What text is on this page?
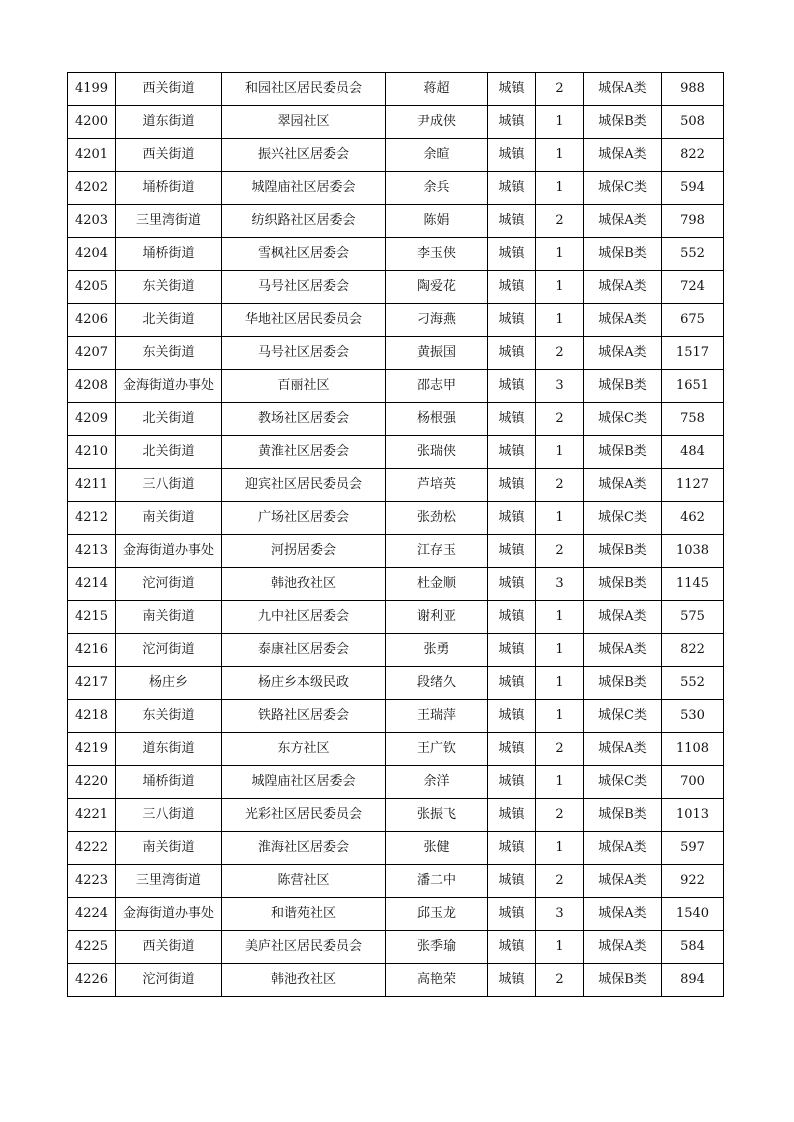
4199	西关街道	和园社区居民委员会	蒋超	城镇	2	城保A类	988
4200	道东街道	翠园社区	尹成侠	城镇	1	城保B类	508
4201	西关街道	振兴社区居委会	余暄	城镇	1	城保A类	822
4202	埇桥街道	城隍庙社区居委会	余兵	城镇	1	城保C类	594
4203	三里湾街道	纺织路社区居委会	陈娟	城镇	2	城保A类	798
4204	埇桥街道	雪枫社区居委会	李玉侠	城镇	1	城保B类	552
4205	东关街道	马号社区居委会	陶爱花	城镇	1	城保A类	724
4206	北关街道	华地社区居民委员会	刁海燕	城镇	1	城保A类	675
4207	东关街道	马号社区居委会	黄振国	城镇	2	城保A类	1517
4208	金海街道办事处	百丽社区	邵志甲	城镇	3	城保B类	1651
4209	北关街道	教场社区居委会	杨根强	城镇	2	城保C类	758
4210	北关街道	黄淮社区居委会	张瑞侠	城镇	1	城保B类	484
4211	三八街道	迎宾社区居民委员会	芦培英	城镇	2	城保A类	1127
4212	南关街道	广场社区居委会	张劲松	城镇	1	城保C类	462
4213	金海街道办事处	河拐居委会	江存玉	城镇	2	城保B类	1038
4214	沱河街道	韩池孜社区	杜金顺	城镇	3	城保B类	1145
4215	南关街道	九中社区居委会	谢利亚	城镇	1	城保A类	575
4216	沱河街道	泰康社区居委会	张勇	城镇	1	城保A类	822
4217	杨庄乡	杨庄乡本级民政	段绪久	城镇	1	城保B类	552
4218	东关街道	铁路社区居委会	王瑞萍	城镇	1	城保C类	530
4219	道东街道	东方社区	王广钦	城镇	2	城保A类	1108
4220	埇桥街道	城隍庙社区居委会	余洋	城镇	1	城保C类	700
4221	三八街道	光彩社区居民委员会	张振飞	城镇	2	城保B类	1013
4222	南关街道	淮海社区居委会	张健	城镇	1	城保A类	597
4223	三里湾街道	陈营社区	潘二中	城镇	2	城保A类	922
4224	金海街道办事处	和谐苑社区	邱玉龙	城镇	3	城保A类	1540
4225	西关街道	美庐社区居民委员会	张季瑜	城镇	1	城保A类	584
4226	沱河街道	韩池孜社区	高艳荣	城镇	2	城保B类	894
